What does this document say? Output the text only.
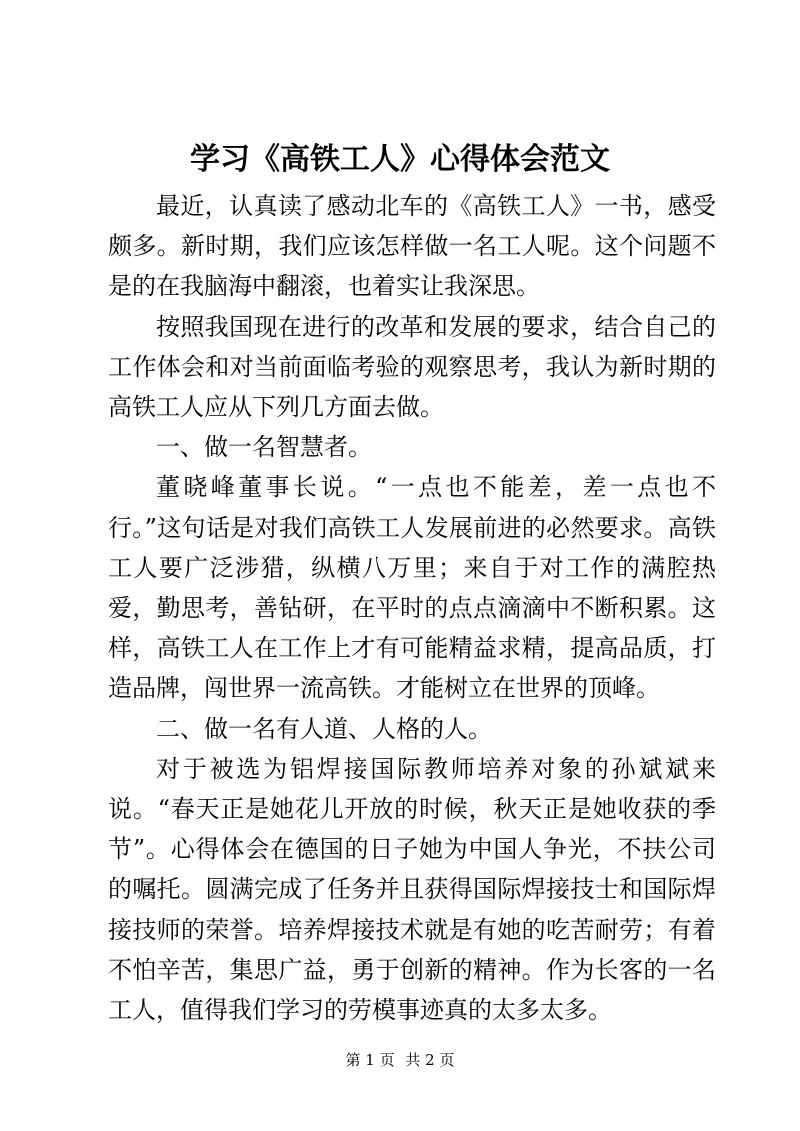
学习《高铁工人》心得体会范文

最近，认真读了感动北车的《高铁工人》一书，感受颇多。新时期，我们应该怎样做一名工人呢。这个问题不是的在我脑海中翻滚，也着实让我深思。

按照我国现在进行的改革和发展的要求，结合自己的工作体会和对当前面临考验的观察思考，我认为新时期的高铁工人应从下列几方面去做。

一、做一名智慧者。

董晓峰董事长说。“一点也不能差，差一点也不行。”这句话是对我们高铁工人发展前进的必然要求。高铁工人要广泛涉猎，纵横八万里；来自于对工作的满腔热爱，勤思考，善钻研，在平时的点点滴滴中不断积累。这样，高铁工人在工作上才有可能精益求精，提高品质，打造品牌，闯世界一流高铁。才能树立在世界的顶峰。

二、做一名有人道、人格的人。

对于被选为铝焊接国际教师培养对象的孙斌斌来说。“春天正是她花儿开放的时候，秋天正是她收获的季节”。心得体会在德国的日子她为中国人争光，不扶公司的嘱托。圆满完成了任务并且获得国际焊接技士和国际焊接技师的荣誉。培养焊接技术就是有她的吃苦耐劳；有着不怕辛苦，集思广益，勇于创新的精神。作为长客的一名工人，值得我们学习的劳模事迹真的太多太多。

第 1 页 共 2 页
